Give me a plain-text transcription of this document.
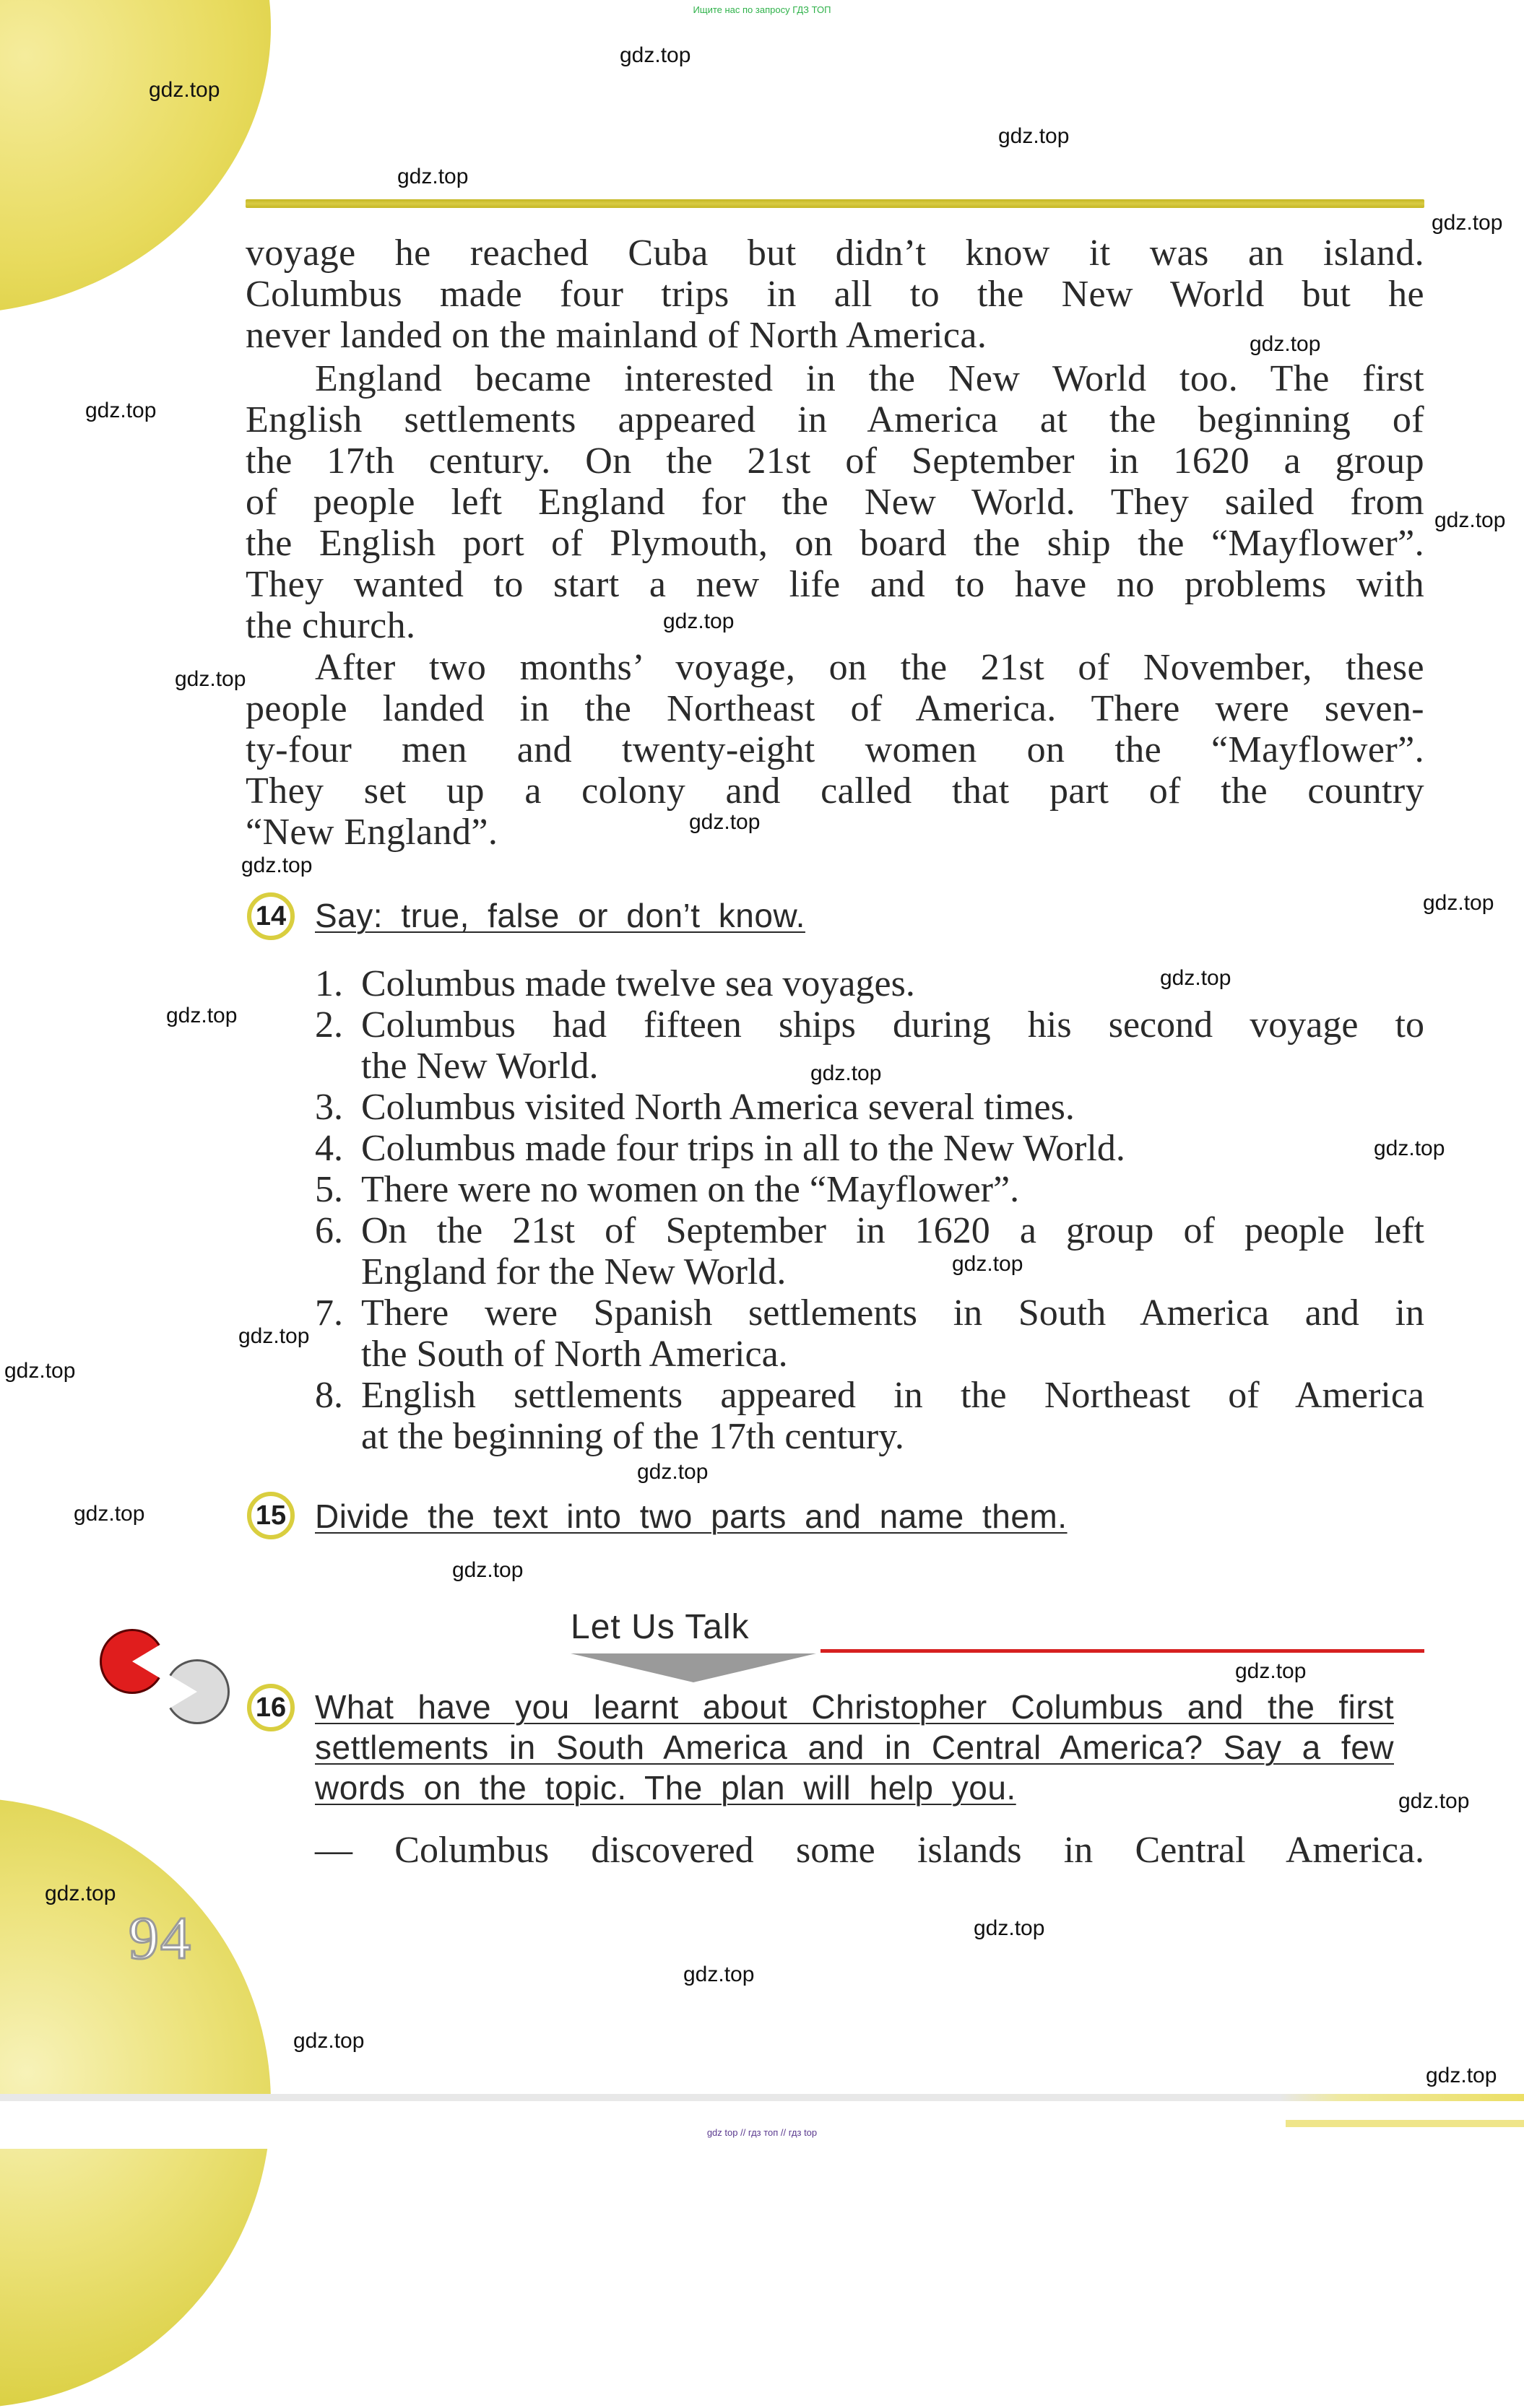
Ищите нас по запросу ГДЗ ТОП
gdz top // гдз топ // гдз top
voyage he reached Cuba but didn’t know it was an island.
Columbus made four trips in all to the New World but he
never landed on the mainland of North America.
England became interested in the New World too. The first
English settlements appeared in America at the beginning of
the 17th century. On the 21st of September in 1620 a group
of people left England for the New World. They sailed from
the English port of Plymouth, on board the ship the “Mayflower”.
They wanted to start a new life and to have no problems with
the church.
After two months’ voyage, on the 21st of November, these
people landed in the Northeast of America. There were seven-
ty-four men and twenty-eight women on the “Mayflower”.
They set up a colony and called that part of the country
“New England”.
14 Say: true, false or don’t know.
1. Columbus made twelve sea voyages.
2. Columbus had fifteen ships during his second voyage to
the New World.
3. Columbus visited North America several times.
4. Columbus made four trips in all to the New World.
5. There were no women on the “Mayflower”.
6. On the 21st of September in 1620 a group of people left
England for the New World.
7. There were Spanish settlements in South America and in
the South of North America.
8. English settlements appeared in the Northeast of America
at the beginning of the 17th century.
15 Divide the text into two parts and name them.
Let Us Talk
16 What have you learnt about Christopher Columbus and the first
settlements in South America and in Central America? Say a few
words on the topic. The plan will help you.
— Columbus discovered some islands in Central America.
94
gdz.top
gdz.top
gdz.top
gdz.top
gdz.top
gdz.top
gdz.top
gdz.top
gdz.top
gdz.top
gdz.top
gdz.top
gdz.top
gdz.top
gdz.top
gdz.top
gdz.top
gdz.top
gdz.top
gdz.top
gdz.top
gdz.top
gdz.top
gdz.top
gdz.top
gdz.top
gdz.top
gdz.top
gdz.top
gdz.top
